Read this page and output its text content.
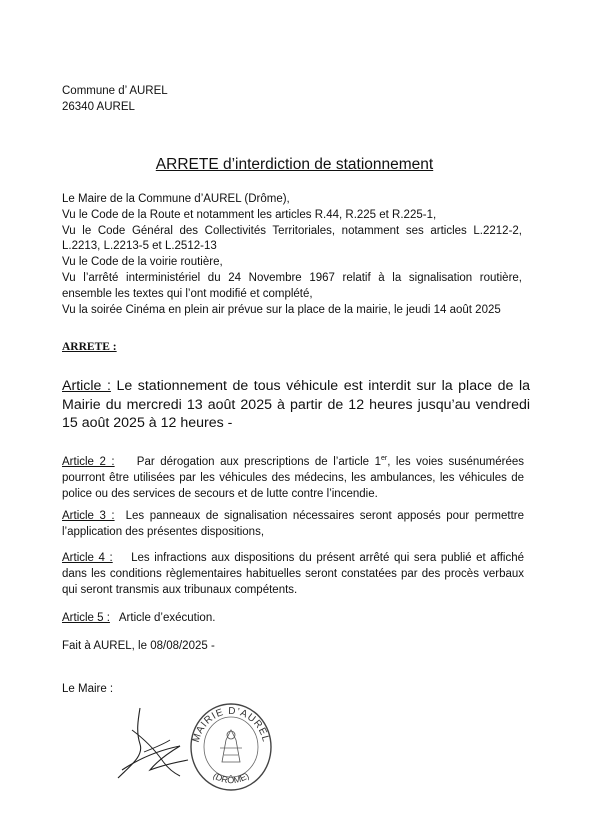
Commune d’ AUREL
26340 AUREL
ARRETE d’interdiction de stationnement
Le Maire de la Commune d’AUREL (Drôme),
Vu le Code de la Route et notamment les articles R.44, R.225 et R.225-1,
Vu le Code Général des Collectivités Territoriales, notamment ses articles L.2212-2, L.2213, L.2213-5 et L.2512-13
Vu le Code de la voirie routière,
Vu l’arrêté interministériel du 24 Novembre 1967 relatif à la signalisation routière, ensemble les textes qui l’ont modifié et complété,
Vu la soirée Cinéma en plein air prévue sur la place de la mairie, le jeudi 14 août 2025
ARRETE :
Article : Le stationnement de tous véhicule est interdit sur la place de la Mairie du mercredi 13 août 2025 à partir de 12 heures jusqu’au vendredi 15 août 2025 à 12 heures -
Article 2 :    Par dérogation aux prescriptions de l’article 1er, les voies susénumérées pourront être utilisées par les véhicules des médecins, les ambulances, les véhicules de police ou des services de secours et de lutte contre l’incendie.
Article 3 :  Les panneaux de signalisation nécessaires seront apposés pour permettre l’application des présentes dispositions,
Article 4 :    Les infractions aux dispositions du présent arrêté qui sera publié et affiché dans les conditions règlementaires habituelles seront constatées par des procès verbaux qui seront transmis aux tribunaux compétents.
Article 5 :   Article d’exécution.
Fait à AUREL, le 08/08/2025 -
Le Maire :
MAIRIE D’AUREL
(DRÔME)
